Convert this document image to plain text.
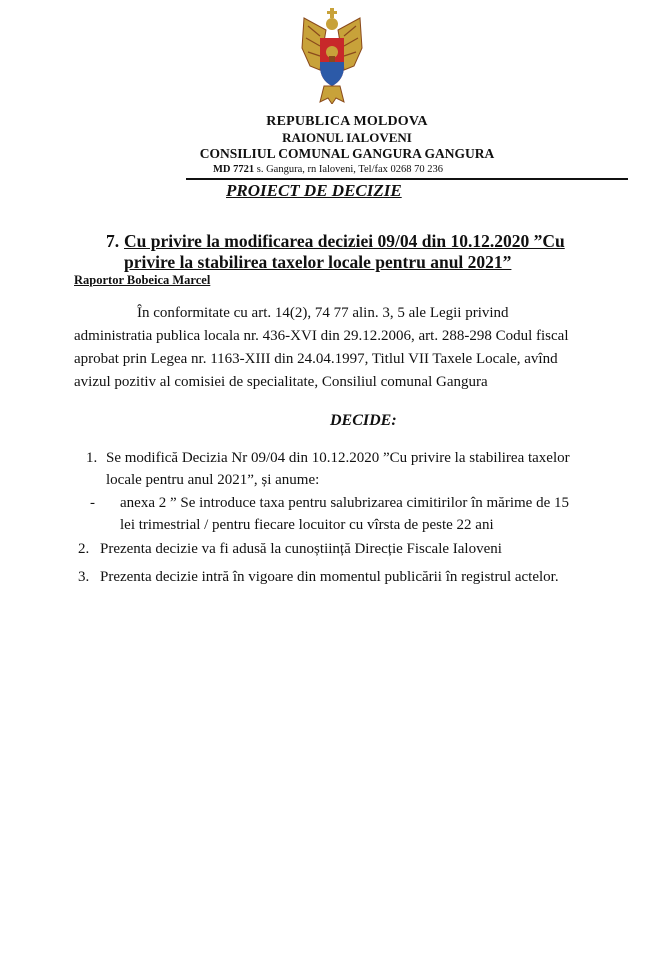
REPUBLICA MOLDOVA
RAIONUL IALOVENI
CONSILIUL COMUNAL GANGURA GANGURA
MD 7721 s. Gangura, rn Ialoveni, Tel/fax 0268 70 236
PROIECT DE DECIZIE
7. Cu privire la modificarea deciziei 09/04 din 10.12.2020 ”Cu
privire la stabilirea taxelor locale pentru anul 2021”
Raportor Bobeica Marcel
În conformitate cu art. 14(2), 74 77 alin. 3, 5 ale Legii privind
administratia publica locala nr. 436-XVI din 29.12.2006, art. 288-298 Codul fiscal
aprobat prin Legea nr. 1163-XIII din 24.04.1997, Titlul VII Taxele Locale, avînd
avizul pozitiv al comisiei de specialitate, Consiliul comunal Gangura
DECIDE:
1. Se modifică Decizia Nr 09/04 din 10.12.2020 ”Cu privire la stabilirea taxelor
locale pentru anul 2021”, și anume:
- anexa 2 ” Se introduce taxa pentru salubrizarea cimitirilor în mărime de 15
lei trimestrial / pentru fiecare locuitor cu vîrsta de peste 22 ani
2. Prezenta decizie va fi adusă la cunoștiință Direcție Fiscale Ialoveni
3. Prezenta decizie intră în vigoare din momentul publicării în registrul actelor.
